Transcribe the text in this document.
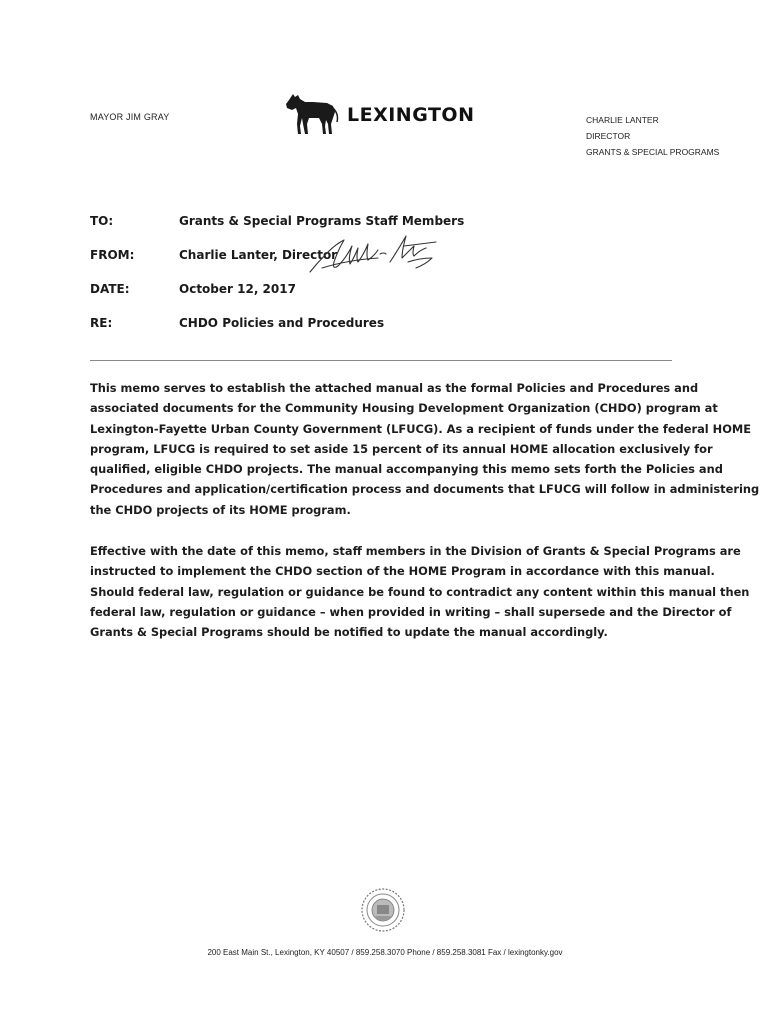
MAYOR JIM GRAY	LEXINGTON	CHARLIE LANTER
DIRECTOR
GRANTS & SPECIAL PROGRAMS
TO:	Grants & Special Programs Staff Members
FROM:	Charlie Lanter, Director
DATE:	October 12, 2017
RE:	CHDO Policies and Procedures

This memo serves to establish the attached manual as the formal Policies and Procedures and
associated documents for the Community Housing Development Organization (CHDO) program at
Lexington-Fayette Urban County Government (LFUCG). As a recipient of funds under the federal HOME
program, LFUCG is required to set aside 15 percent of its annual HOME allocation exclusively for
qualified, eligible CHDO projects. The manual accompanying this memo sets forth the Policies and
Procedures and application/certification process and documents that LFUCG will follow in administering
the CHDO projects of its HOME program.

Effective with the date of this memo, staff members in the Division of Grants & Special Programs are
instructed to implement the CHDO section of the HOME Program in accordance with this manual.
Should federal law, regulation or guidance be found to contradict any content within this manual then
federal law, regulation or guidance – when provided in writing – shall supersede and the Director of
Grants & Special Programs should be notified to update the manual accordingly.

200 East Main St., Lexington, KY 40507 / 859.258.3070 Phone / 859.258.3081 Fax / lexingtonky.gov
